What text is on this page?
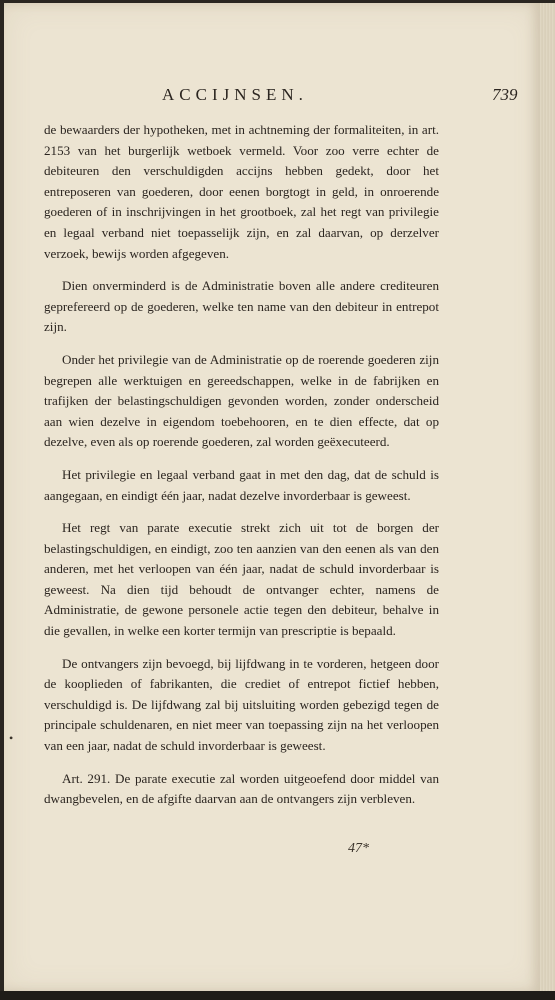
ACCIJNSEN.	739

de bewaarders der hypotheken, met in achtneming der formaliteiten, in art. 2153 van het burgerlijk wetboek vermeld. Voor zoo verre echter de debiteuren den verschuldigden accijns hebben gedekt, door het entreposeren van goederen, door eenen borgtogt in geld, in onroerende goederen of in inschrijvingen in het grootboek, zal het regt van privilegie en legaal verband niet toepasselijk zijn, en zal daarvan, op derzelver verzoek, bewijs worden afgegeven.

Dien onverminderd is de Administratie boven alle andere crediteuren geprefereerd op de goederen, welke ten name van den debiteur in entrepot zijn.

Onder het privilegie van de Administratie op de roerende goederen zijn begrepen alle werktuigen en gereedschappen, welke in de fabrijken en trafijken der belastingschuldigen gevonden worden, zonder onderscheid aan wien dezelve in eigendom toebehooren, en te dien effecte, dat op dezelve, even als op roerende goederen, zal worden geëxecuteerd.

Het privilegie en legaal verband gaat in met den dag, dat de schuld is aangegaan, en eindigt één jaar, nadat dezelve invorderbaar is geweest.

Het regt van parate executie strekt zich uit tot de borgen der belastingschuldigen, en eindigt, zoo ten aanzien van den eenen als van den anderen, met het verloopen van één jaar, nadat de schuld invorderbaar is geweest. Na dien tijd behoudt de ontvanger echter, namens de Administratie, de gewone personele actie tegen den debiteur, behalve in die gevallen, in welke een korter termijn van prescriptie is bepaald.

De ontvangers zijn bevoegd, bij lijfdwang in te vorderen, hetgeen door de kooplieden of fabrikanten, die crediet of entrepot fictief hebben, verschuldigd is. De lijfdwang zal bij uitsluiting worden gebezigd tegen de principale schuldenaren, en niet meer van toepassing zijn na het verloopen van een jaar, nadat de schuld invorderbaar is geweest.

Art. 291. De parate executie zal worden uitgeoefend door middel van dwangbevelen, en de afgifte daarvan aan de ontvangers zijn verbleven.

47*
•
